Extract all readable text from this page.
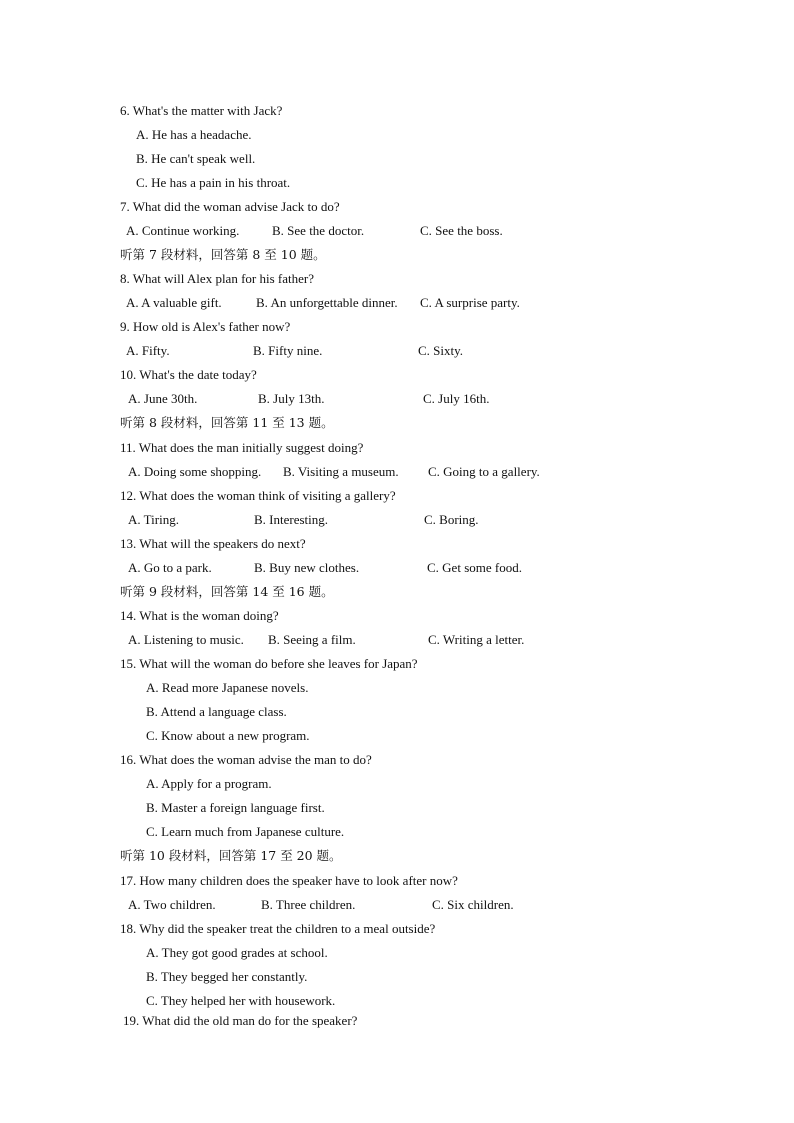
6. What's the matter with Jack?
A. He has a headache.
B. He can't speak well.
C. He has a pain in his throat.
7. What did the woman advise Jack to do?
A. Continue working.	B. See the doctor.	C. See the boss.
听第 7 段材料，回答第 8 至 10 题。
8. What will Alex plan for his father?
A. A valuable gift.	B. An unforgettable dinner. C. A surprise party.
9. How old is Alex's father now?
A. Fifty.	B. Fifty nine.	C. Sixty.
10. What's the date today?
A. June 30th.	B. July 13th.	C. July 16th.
听第 8 段材料，回答第 11 至 13 题。
11. What does the man initially suggest doing?
A. Doing some shopping. B. Visiting a museum. C. Going to a gallery.
12. What does the woman think of visiting a gallery?
A. Tiring.	B. Interesting.	C. Boring.
13. What will the speakers do next?
A. Go to a park.	B. Buy new clothes.	C. Get some food.
听第 9 段材料，回答第 14 至 16 题。
14. What is the woman doing?
A. Listening to music. B. Seeing a film.	C. Writing a letter.
15. What will the woman do before she leaves for Japan?
A. Read more Japanese novels.
B. Attend a language class.
C. Know about a new program.
16. What does the woman advise the man to do?
A. Apply for a program.
B. Master a foreign language first.
C. Learn much from Japanese culture.
听第 10 段材料，回答第 17 至 20 题。
17. How many children does the speaker have to look after now?
A. Two children.	B. Three children.	C. Six children.
18. Why did the speaker treat the children to a meal outside?
A. They got good grades at school.
B. They begged her constantly.
C. They helped her with housework.
19. What did the old man do for the speaker?
